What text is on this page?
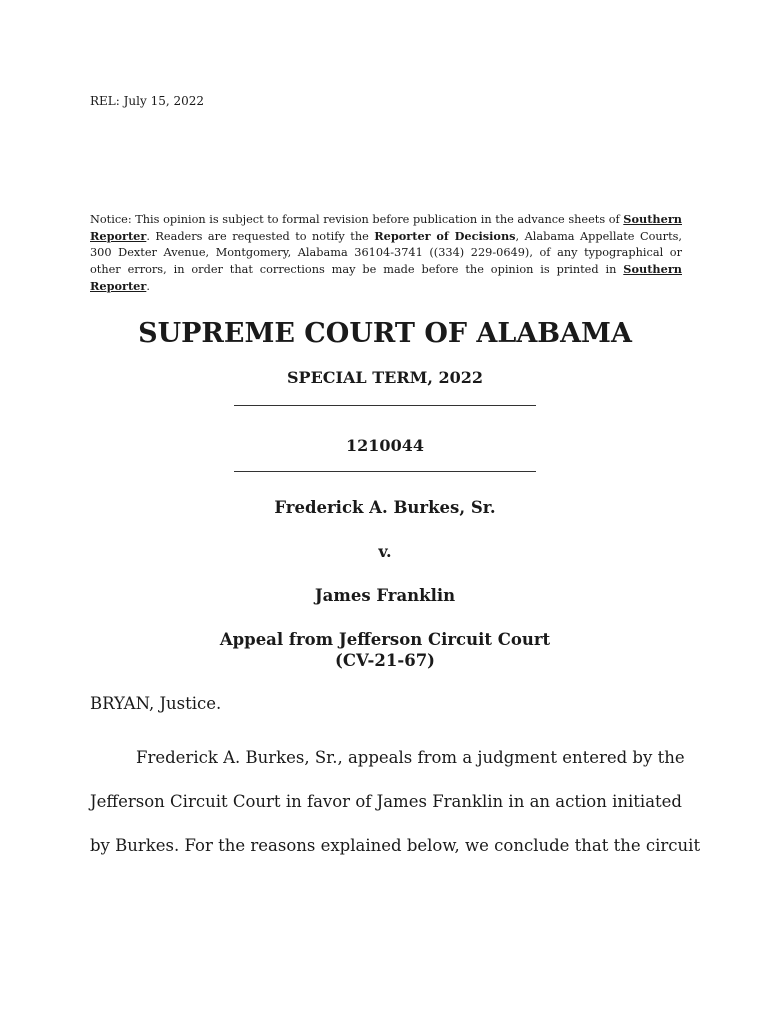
REL: July 15, 2022
Notice: This opinion is subject to formal revision before publication in the advance sheets of Southern Reporter. Readers are requested to notify the Reporter of Decisions, Alabama Appellate Courts, 300 Dexter Avenue, Montgomery, Alabama 36104-3741 ((334) 229-0649), of any typographical or other errors, in order that corrections may be made before the opinion is printed in Southern Reporter.
SUPREME COURT OF ALABAMA
SPECIAL TERM, 2022
1210044
Frederick A. Burkes, Sr.
v.
James Franklin
Appeal from Jefferson Circuit Court
(CV-21-67)
BRYAN, Justice.
Frederick A. Burkes, Sr., appeals from a judgment entered by the
Jefferson Circuit Court in favor of James Franklin in an action initiated
by Burkes. For the reasons explained below, we conclude that the circuit
